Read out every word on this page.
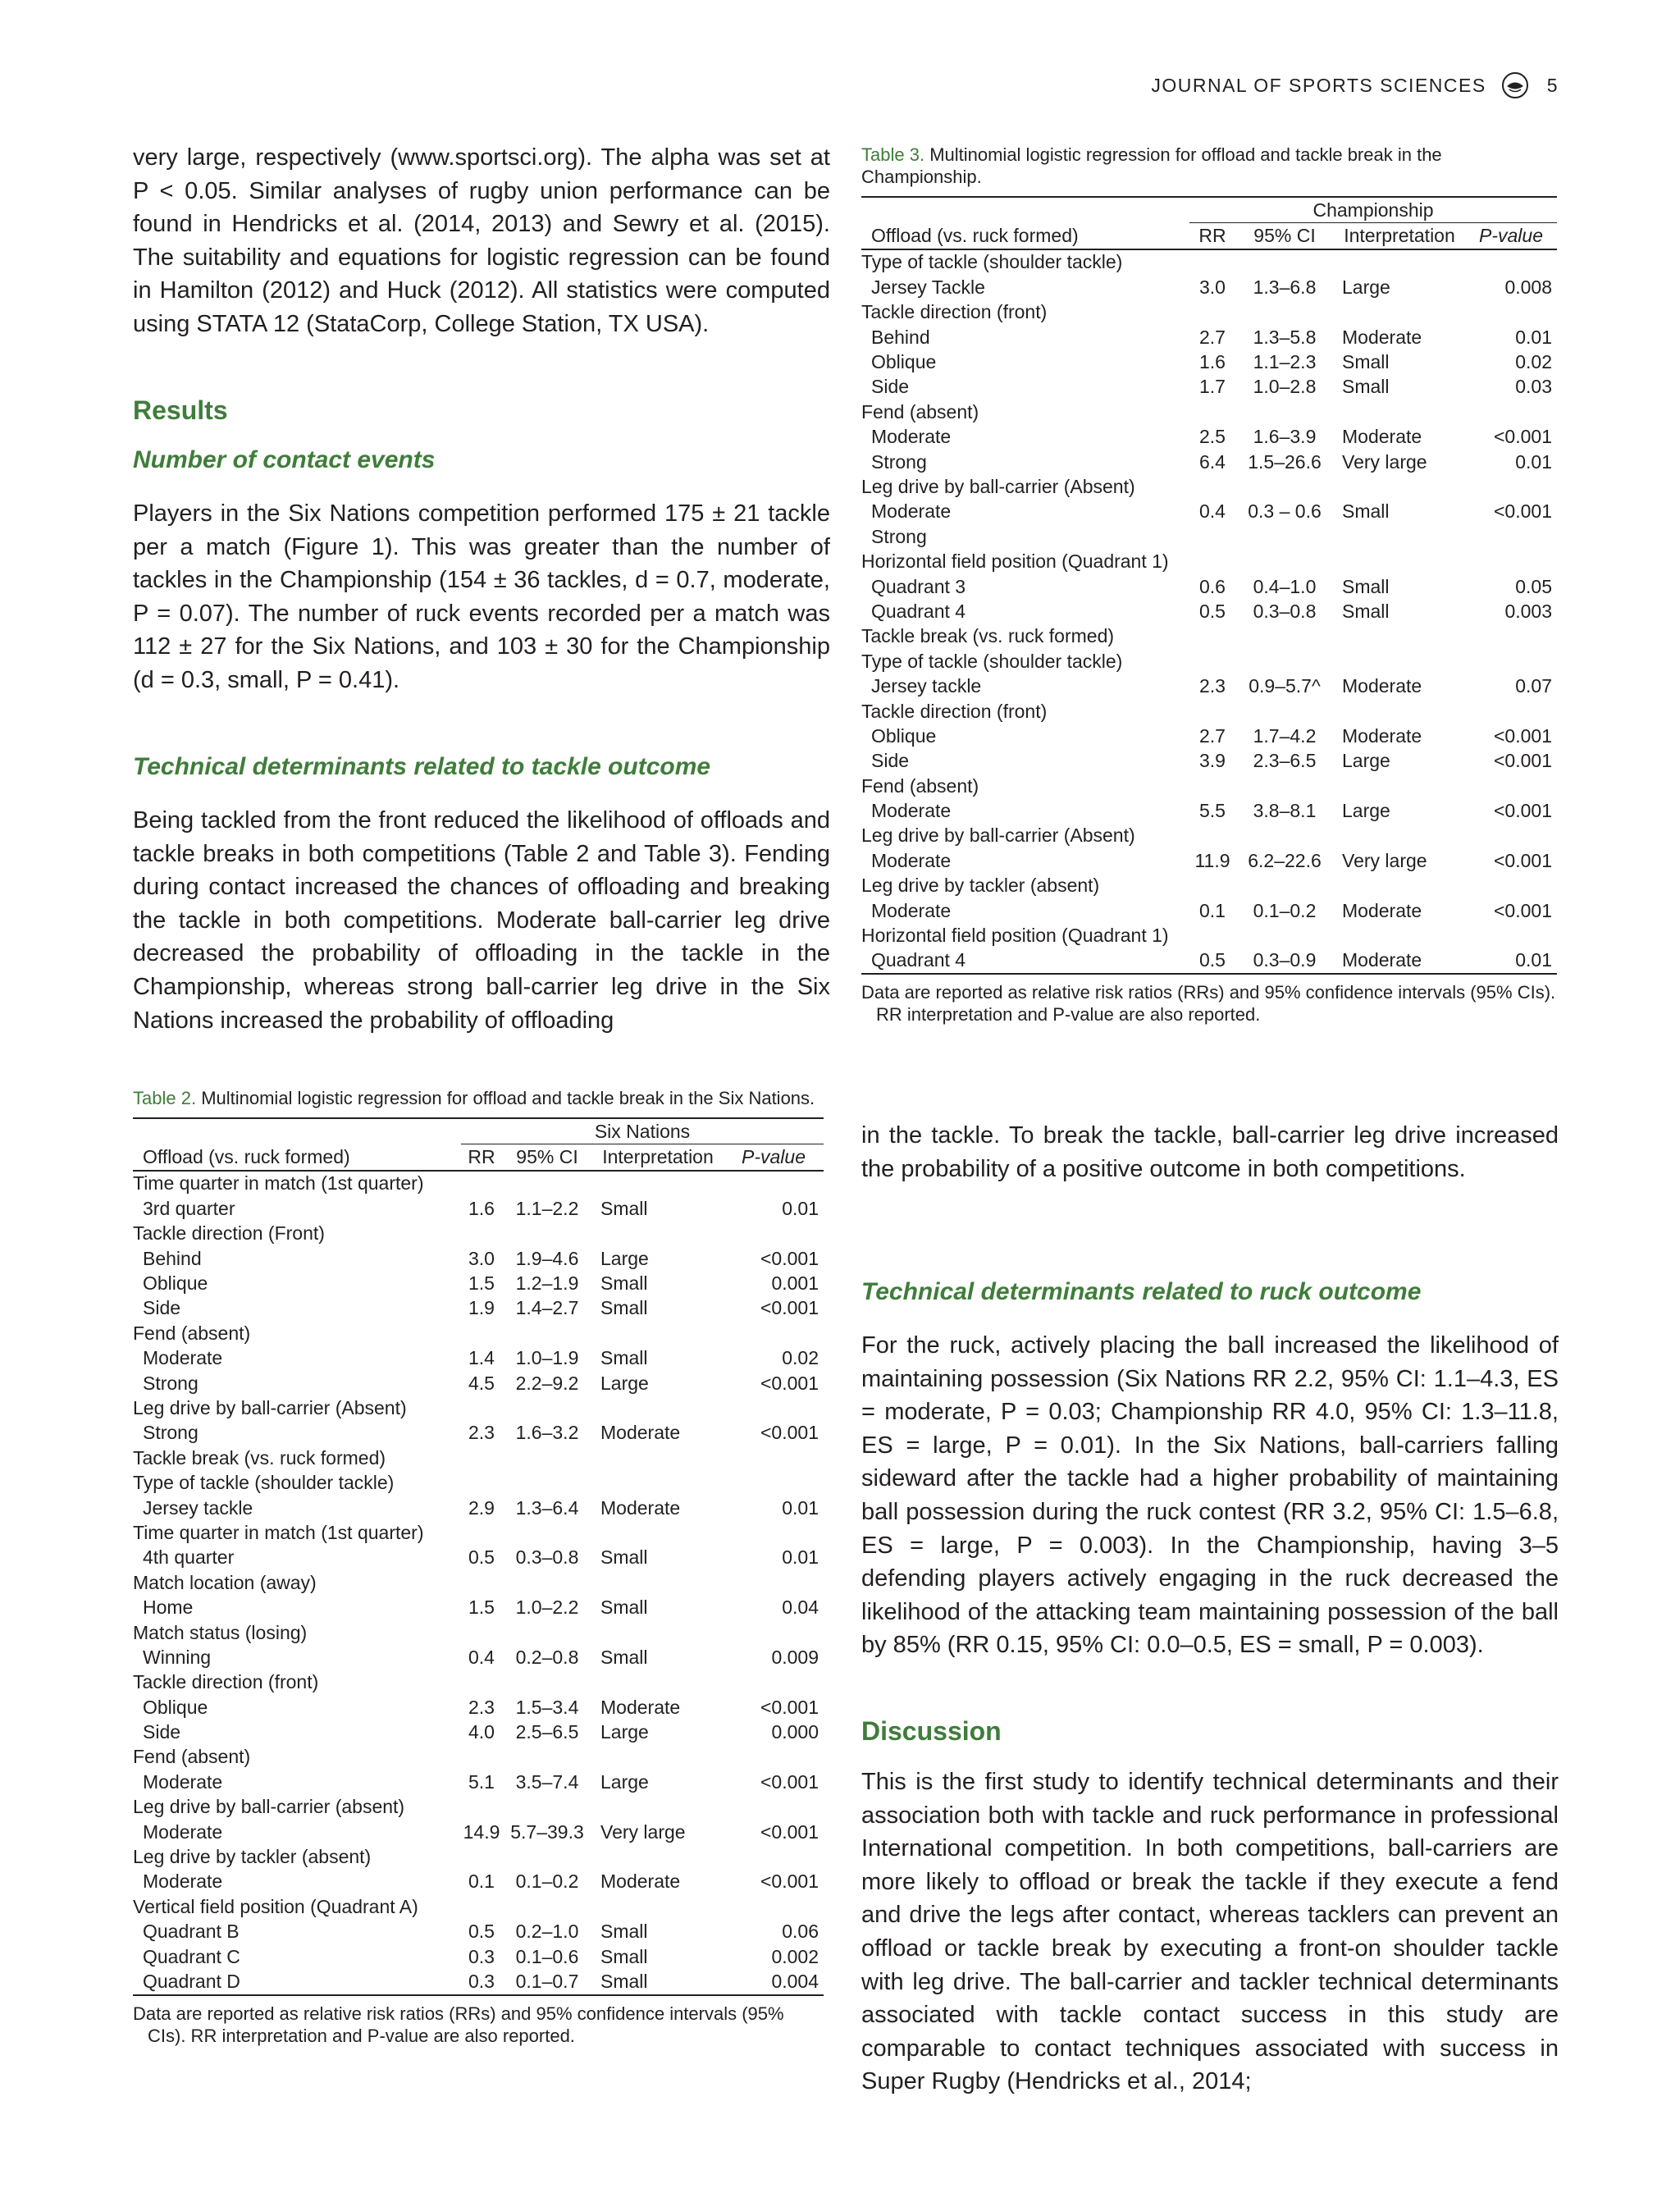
JOURNAL OF SPORTS SCIENCES	5

very large, respectively (www.sportsci.org). The alpha was set at P < 0.05. Similar analyses of rugby union performance can be found in Hendricks et al. (2014, 2013) and Sewry et al. (2015). The suitability and equations for logistic regression can be found in Hamilton (2012) and Huck (2012). All statistics were computed using STATA 12 (StataCorp, College Station, TX USA).

Results
Number of contact events

Players in the Six Nations competition performed 175 ± 21 tackle per a match (Figure 1). This was greater than the number of tackles in the Championship (154 ± 36 tackles, d = 0.7, moderate, P = 0.07). The number of ruck events recorded per a match was 112 ± 27 for the Six Nations, and 103 ± 30 for the Championship (d = 0.3, small, P = 0.41).

Technical determinants related to tackle outcome

Being tackled from the front reduced the likelihood of offloads and tackle breaks in both competitions (Table 2 and Table 3). Fending during contact increased the chances of offloading and breaking the tackle in both competitions. Moderate ball-carrier leg drive decreased the probability of offloading in the tackle in the Championship, whereas strong ball-carrier leg drive in the Six Nations increased the probability of offloading

Table 2. Multinomial logistic regression for offload and tackle break in the Six Nations.

	Six Nations			
Offload (vs. ruck formed)	RR	95% CI	Interpretation	P-value
Time quarter in match (1st quarter)				
3rd quarter	1.6	1.1–2.2	Small	0.01
Tackle direction (Front)				
Behind	3.0	1.9–4.6	Large	<0.001
Oblique	1.5	1.2–1.9	Small	0.001
Side	1.9	1.4–2.7	Small	<0.001
Fend (absent)				
Moderate	1.4	1.0–1.9	Small	0.02
Strong	4.5	2.2–9.2	Large	<0.001
Leg drive by ball-carrier (Absent)				
Strong	2.3	1.6–3.2	Moderate	<0.001
Tackle break (vs. ruck formed)				
Type of tackle (shoulder tackle)				
Jersey tackle	2.9	1.3–6.4	Moderate	0.01
Time quarter in match (1st quarter)				
4th quarter	0.5	0.3–0.8	Small	0.01
Match location (away)				
Home	1.5	1.0–2.2	Small	0.04
Match status (losing)				
Winning	0.4	0.2–0.8	Small	0.009
Tackle direction (front)				
Oblique	2.3	1.5–3.4	Moderate	<0.001
Side	4.0	2.5–6.5	Large	0.000
Fend (absent)				
Moderate	5.1	3.5–7.4	Large	<0.001
Leg drive by ball-carrier (absent)				
Moderate	14.9	5.7–39.3	Very large	<0.001
Leg drive by tackler (absent)				
Moderate	0.1	0.1–0.2	Moderate	<0.001
Vertical field position (Quadrant A)				
Quadrant B	0.5	0.2–1.0	Small	0.06
Quadrant C	0.3	0.1–0.6	Small	0.002
Quadrant D	0.3	0.1–0.7	Small	0.004

Data are reported as relative risk ratios (RRs) and 95% confidence intervals (95% CIs). RR interpretation and P-value are also reported.

Table 3. Multinomial logistic regression for offload and tackle break in the Championship.

	Championship			
Offload (vs. ruck formed)	RR	95% CI	Interpretation	P-value
Type of tackle (shoulder tackle)				
Jersey Tackle	3.0	1.3–6.8	Large	0.008
Tackle direction (front)				
Behind	2.7	1.3–5.8	Moderate	0.01
Oblique	1.6	1.1–2.3	Small	0.02
Side	1.7	1.0–2.8	Small	0.03
Fend (absent)				
Moderate	2.5	1.6–3.9	Moderate	<0.001
Strong	6.4	1.5–26.6	Very large	0.01
Leg drive by ball-carrier (Absent)				
Moderate	0.4	0.3 – 0.6	Small	<0.001
Strong				
Horizontal field position (Quadrant 1)				
Quadrant 3	0.6	0.4–1.0	Small	0.05
Quadrant 4	0.5	0.3–0.8	Small	0.003
Tackle break (vs. ruck formed)				
Type of tackle (shoulder tackle)				
Jersey tackle	2.3	0.9–5.7^	Moderate	0.07
Tackle direction (front)				
Oblique	2.7	1.7–4.2	Moderate	<0.001
Side	3.9	2.3–6.5	Large	<0.001
Fend (absent)				
Moderate	5.5	3.8–8.1	Large	<0.001
Leg drive by ball-carrier (Absent)				
Moderate	11.9	6.2–22.6	Very large	<0.001
Leg drive by tackler (absent)				
Moderate	0.1	0.1–0.2	Moderate	<0.001
Horizontal field position (Quadrant 1)				
Quadrant 4	0.5	0.3–0.9	Moderate	0.01

Data are reported as relative risk ratios (RRs) and 95% confidence intervals (95% CIs). RR interpretation and P-value are also reported.

in the tackle. To break the tackle, ball-carrier leg drive increased the probability of a positive outcome in both competitions.

Technical determinants related to ruck outcome

For the ruck, actively placing the ball increased the likelihood of maintaining possession (Six Nations RR 2.2, 95% CI: 1.1–4.3, ES = moderate, P = 0.03; Championship RR 4.0, 95% CI: 1.3–11.8, ES = large, P = 0.01). In the Six Nations, ball-carriers falling sideward after the tackle had a higher probability of maintaining ball possession during the ruck contest (RR 3.2, 95% CI: 1.5–6.8, ES = large, P = 0.003). In the Championship, having 3–5 defending players actively engaging in the ruck decreased the likelihood of the attacking team maintaining possession of the ball by 85% (RR 0.15, 95% CI: 0.0–0.5, ES = small, P = 0.003).

Discussion

This is the first study to identify technical determinants and their association both with tackle and ruck performance in professional International competition. In both competitions, ball-carriers are more likely to offload or break the tackle if they execute a fend and drive the legs after contact, whereas tacklers can prevent an offload or tackle break by executing a front-on shoulder tackle with leg drive. The ball-carrier and tackler technical determinants associated with tackle contact success in this study are comparable to contact techniques associated with success in Super Rugby (Hendricks et al., 2014;
